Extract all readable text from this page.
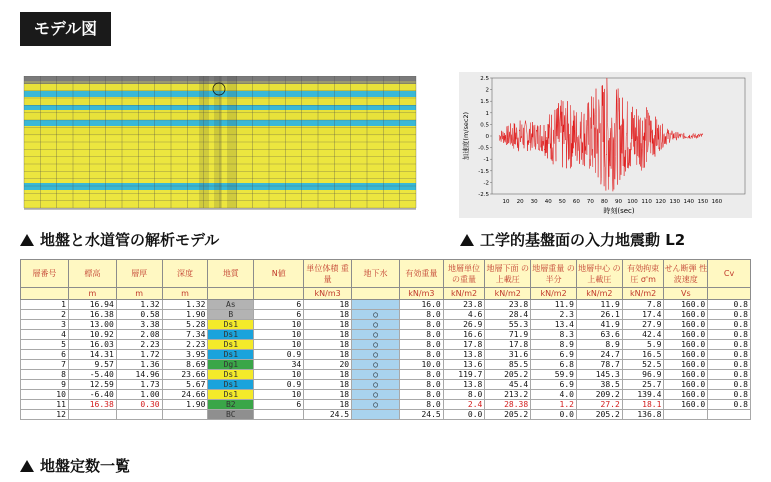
モデル図
2.5
2
1.5
1
0.5
0
-0.5
-1
-1.5
-2
-2.5
10 20 30 40 50 60 70 80 90 100 110 120 130 140 150 160
時刻(sec)
加速度(m/sec2)
地盤と水道管の解析モデル	工学的基盤面の入力地震動 L2
層番号	標高	層厚	深度	地質	N値	単位体積 重量	地下水	有効重量	地層単位 の重量	地層下面 の上載圧	地層重量 の半分	地層中心 の上載圧	有効拘束 圧 σ'm	せん断弾 性波速度	Cv
	m	m	m			kN/m3		kN/m3	kN/m2	kN/m2	kN/m2	kN/m2	kN/m2	Vs	
1	16.94	1.32	1.32	As	6	18		16.0	23.8	23.8	11.9	11.9	7.8	160.0	0.8
2	16.38	0.58	1.90	B	6	18	○	8.0	4.6	28.4	2.3	26.1	17.4	160.0	0.8
3	13.00	3.38	5.28	Ds1	10	18	○	8.0	26.9	55.3	13.4	41.9	27.9	160.0	0.8
4	10.92	2.08	7.34	Ds1	10	18	○	8.0	16.6	71.9	8.3	63.6	42.4	160.0	0.8
5	16.03	2.23	2.23	Ds1	10	18	○	8.0	17.8	17.8	8.9	8.9	5.9	160.0	0.8
6	14.31	1.72	3.95	Ds1	0.9	18	○	8.0	13.8	31.6	6.9	24.7	16.5	160.0	0.8
7	9.57	1.36	8.69	Dg1	34	20	○	10.0	13.6	85.5	6.8	78.7	52.5	160.0	0.8
8	-5.40	14.96	23.66	Ds1	10	18	○	8.0	119.7	205.2	59.9	145.3	96.9	160.0	0.8
9	12.59	1.73	5.67	Ds1	0.9	18	○	8.0	13.8	45.4	6.9	38.5	25.7	160.0	0.8
10	-6.40	1.00	24.66	Ds1	10	18	○	8.0	8.0	213.2	4.0	209.2	139.4	160.0	0.8
11	16.38	0.30	1.90	B2	6	18	○	8.0	2.4	28.38	1.2	27.2	18.1	160.0	0.8
12				BC		24.5		24.5	0.0	205.2	0.0	205.2	136.8		
地盤定数一覧
